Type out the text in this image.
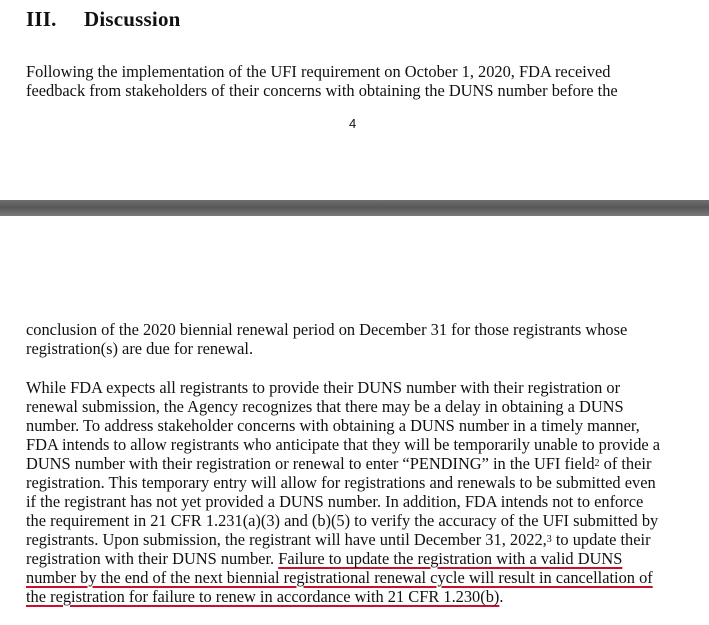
III. Discussion

Following the implementation of the UFI requirement on October 1, 2020, FDA received
feedback from stakeholders of their concerns with obtaining the DUNS number before the

4

conclusion of the 2020 biennial renewal period on December 31 for those registrants whose
registration(s) are due for renewal.

While FDA expects all registrants to provide their DUNS number with their registration or
renewal submission, the Agency recognizes that there may be a delay in obtaining a DUNS
number. To address stakeholder concerns with obtaining a DUNS number in a timely manner,
FDA intends to allow registrants who anticipate that they will be temporarily unable to provide a
DUNS number with their registration or renewal to enter “PENDING” in the UFI field$^2$ of their
registration. This temporary entry will allow for registrations and renewals to be submitted even
if the registrant has not yet provided a DUNS number. In addition, FDA intends not to enforce
the requirement in 21 CFR 1.231(a)(3) and (b)(5) to verify the accuracy of the UFI submitted by
registrants. Upon submission, the registrant will have until December 31, 2022,$^3$ to update their
registration with their DUNS number. Failure to update the registration with a valid DUNS
number by the end of the next biennial registrational renewal cycle will result in cancellation of
the registration for failure to renew in accordance with 21 CFR 1.230(b).
